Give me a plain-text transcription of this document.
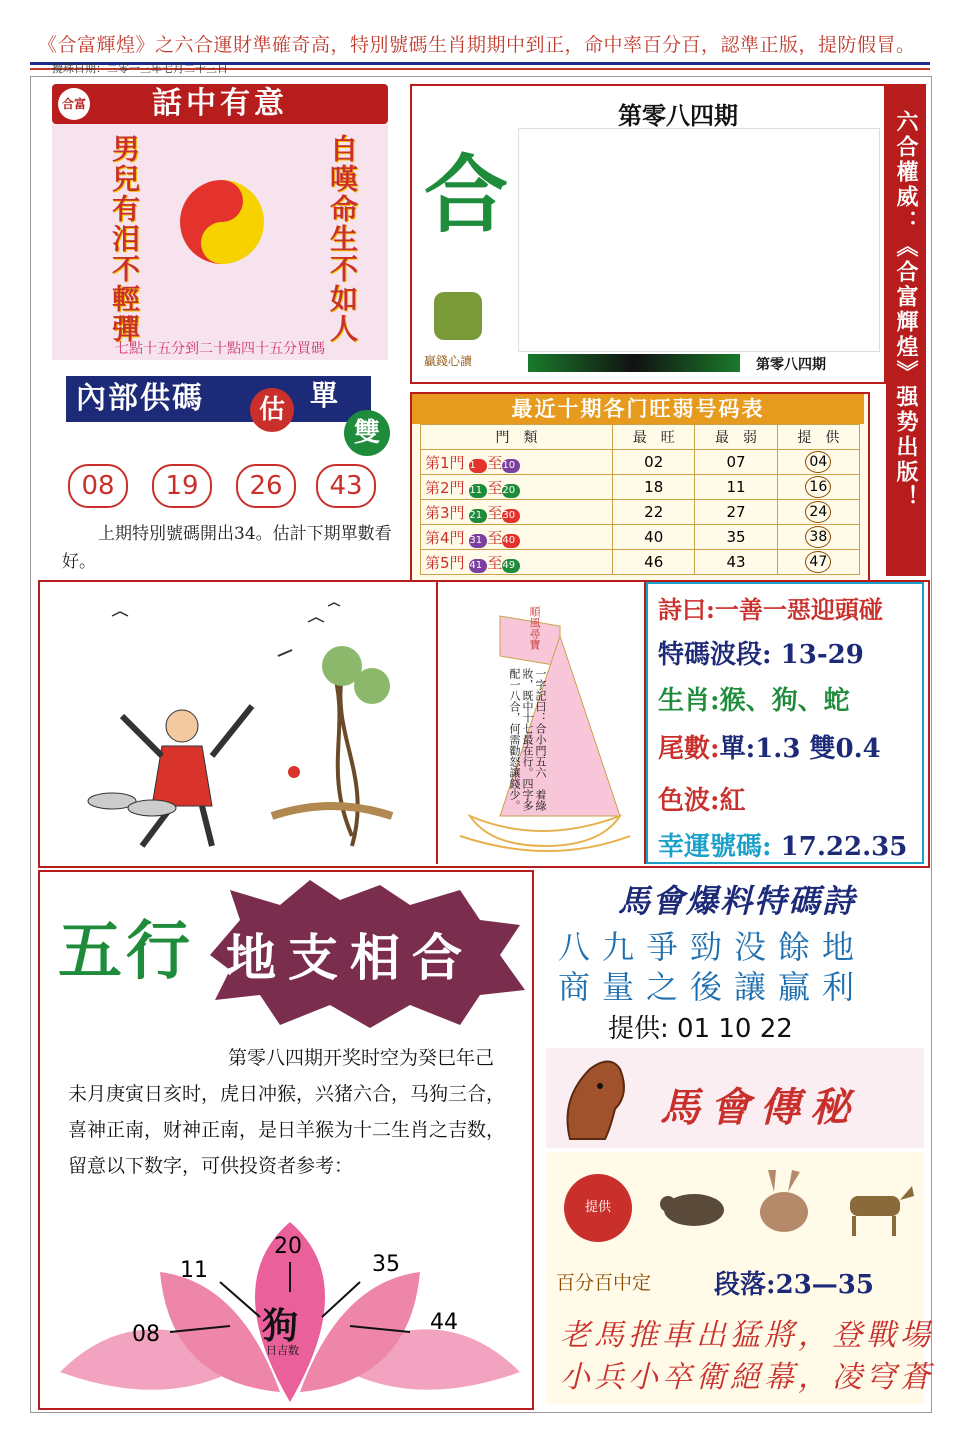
《合富輝煌》之六合運財準確奇高，特別號碼生肖期期中到正，命中率百分百，認準正版，提防假冒。
攪珠日期：二零一三年七月二十三日
合富 話中有意
男兒有泪不輕彈	自嘆命生不如人
七點十五分到二十點四十五分買碼
內部供碼	估 單
雙
08	19	26	43
上期特別號碼開出34。估計下期單數看好。
合
第零八四期
贏錢心讀	第零八四期	六合權威：《合富輝煌》强势出版！
最近十期各门旺弱号码表
門　類	最　旺	最　弱	提　供
第1門 1 至10	02	07	04
第2門 11 至20	18	11	16
第3門 21 至30	22	27	24
第4門 31 至40	40	35	38
第5門 41 至49	46	43	47
順風尋寶
一字記曰：合小門五六　着綠妝，既中十七最在行。四字多配一八合，何需勸怒讓錢少。
詩曰:一善一惡迎頭碰
特碼波段: 13-29
生肖:猴、狗、蛇
尾數:單:1.3 雙0.4
色波:紅
幸運號碼: 17.22.35
五行 地支相合
第零八四期开奖时空为癸巳年己未月庚寅日亥时，虎日冲猴，兴猪六合，马狗三合，喜神正南，财神正南，是日羊猴为十二生肖之吉数，留意以下数字，可供投资者参考：
20
11	35
08	44
狗
日吉数
馬會爆料特碼詩
八九爭勁没餘地
商量之後讓贏利
提供: 01 10 22
馬會傳秘
提供
百分百中定 段落:23—35
老馬推車出猛將，登戰場
小兵小卒衛絕幕，凌穹蒼
